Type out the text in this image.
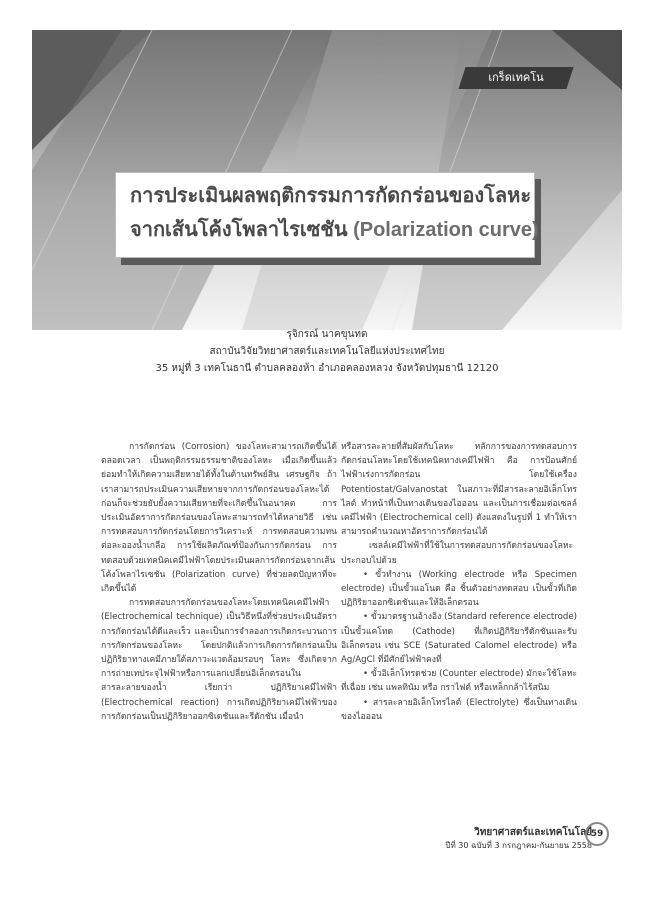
เกร็ดเทคโน
การประเมินผลพฤติกรรมการกัดกร่อนของโลหะ
จากเส้นโค้งโพลาไรเซชัน (Polarization curve)
รุจิกรณ์ นาคขุนทด
สถาบันวิจัยวิทยาศาสตร์และเทคโนโลยีแห่งประเทศไทย
35 หมู่ที่ 3 เทคโนธานี ตำบลคลองห้า อำเภอคลองหลวง จังหวัดปทุมธานี 12120

การกัดกร่อน (Corrosion) ของโลหะสามารถเกิดขึ้นได้ตลอดเวลา เป็นพฤติกรรมธรรมชาติของโลหะ เมื่อเกิดขึ้นแล้วย่อมทำให้เกิดความเสียหายได้ทั้งในด้านทรัพย์สิน เศรษฐกิจ ถ้าเราสามารถประเมินความเสียหายจากการกัดกร่อนของโลหะได้ก่อนก็จะช่วยยับยั้งความเสียหายที่จะเกิดขึ้นในอนาคต การประเมินอัตราการกัดกร่อนของโลหะสามารถทำได้หลายวิธี เช่น การทดสอบการกัดกร่อนโดยการวิเคราะห์ การทดสอบความทนต่อละอองน้ำเกลือ การใช้ผลิตภัณฑ์ป้องกันการกัดกร่อน การทดสอบด้วยเทคนิคเคมีไฟฟ้าโดยประเมินผลการกัดกร่อนจากเส้นโค้งโพลาไรเซชัน (Polarization curve) ที่ช่วยลดปัญหาที่จะเกิดขึ้นได้

การทดสอบการกัดกร่อนของโลหะโดยเทคนิคเคมีไฟฟ้า (Electrochemical technique) เป็นวิธีหนึ่งที่ช่วยประเมินอัตราการกัดกร่อนได้ดีและเร็ว และเป็นการจำลองการเกิดกระบวนการการกัดกร่อนของโลหะ โดยปกติแล้วการเกิดการกัดกร่อนเป็นปฏิกิริยาทางเคมีภายใต้สภาวะแวดล้อมรอบๆ โลหะ ซึ่งเกิดจากการถ่ายเทประจุไฟฟ้าหรือการแลกเปลี่ยนอิเล็กตรอนในสารละลายของน้ำ เรียกว่า ปฏิกิริยาเคมีไฟฟ้า (Electrochemical reaction) การเกิดปฏิกิริยาเคมีไฟฟ้าของการกัดกร่อนเป็นปฏิกิริยาออกซิเดชันและรีดักชัน เมื่อนำ

หรือสารละลายที่สัมผัสกับโลหะ หลักการของการทดสอบการกัดกร่อนโลหะโดยใช้เทคนิคทางเคมีไฟฟ้า คือ การป้อนศักย์ไฟฟ้าเร่งการกัดกร่อน โดยใช้เครื่อง Potentiostat/Galvanostat ในสภาวะที่มีสารละลายอิเล็กโทรไลต์ ทำหน้าที่เป็นทางเดินของไอออน และเป็นการเชื่อมต่อเซลล์เคมีไฟฟ้า (Electrochemical cell) ดังแสดงในรูปที่ 1 ทำให้เราสามารถคำนวณหาอัตราการกัดกร่อนได้

เซลล์เคมีไฟฟ้าที่ใช้ในการทดสอบการกัดกร่อนของโลหะประกอบไปด้วย

• ขั้วทำงาน (Working electrode หรือ Specimen electrode) เป็นขั้วแอโนด คือ ชิ้นตัวอย่างทดสอบ เป็นขั้วที่เกิดปฏิกิริยาออกซิเดชันและให้อิเล็กตรอน

• ขั้วมาตรฐานอ้างอิง (Standard reference electrode) เป็นขั้วแคโทด (Cathode) ที่เกิดปฏิกิริยารีดักชันและรับอิเล็กตรอน เช่น SCE (Saturated Calomel electrode) หรือ Ag/AgCl ที่มีศักย์ไฟฟ้าคงที่

• ขั้วอิเล็กโทรดช่วย (Counter electrode) มักจะใช้โลหะที่เฉื่อย เช่น แพลทินัม หรือ กราไฟต์ หรือเหล็กกล้าไร้สนิม

• สารละลายอิเล็กโทรไลต์ (Electrolyte) ซึ่งเป็นทางเดินของไอออน

วิทยาศาสตร์และเทคโนโลยี
ปีที่ 30 ฉบับที่ 3 กรกฎาคม-กันยายน 2558
59
